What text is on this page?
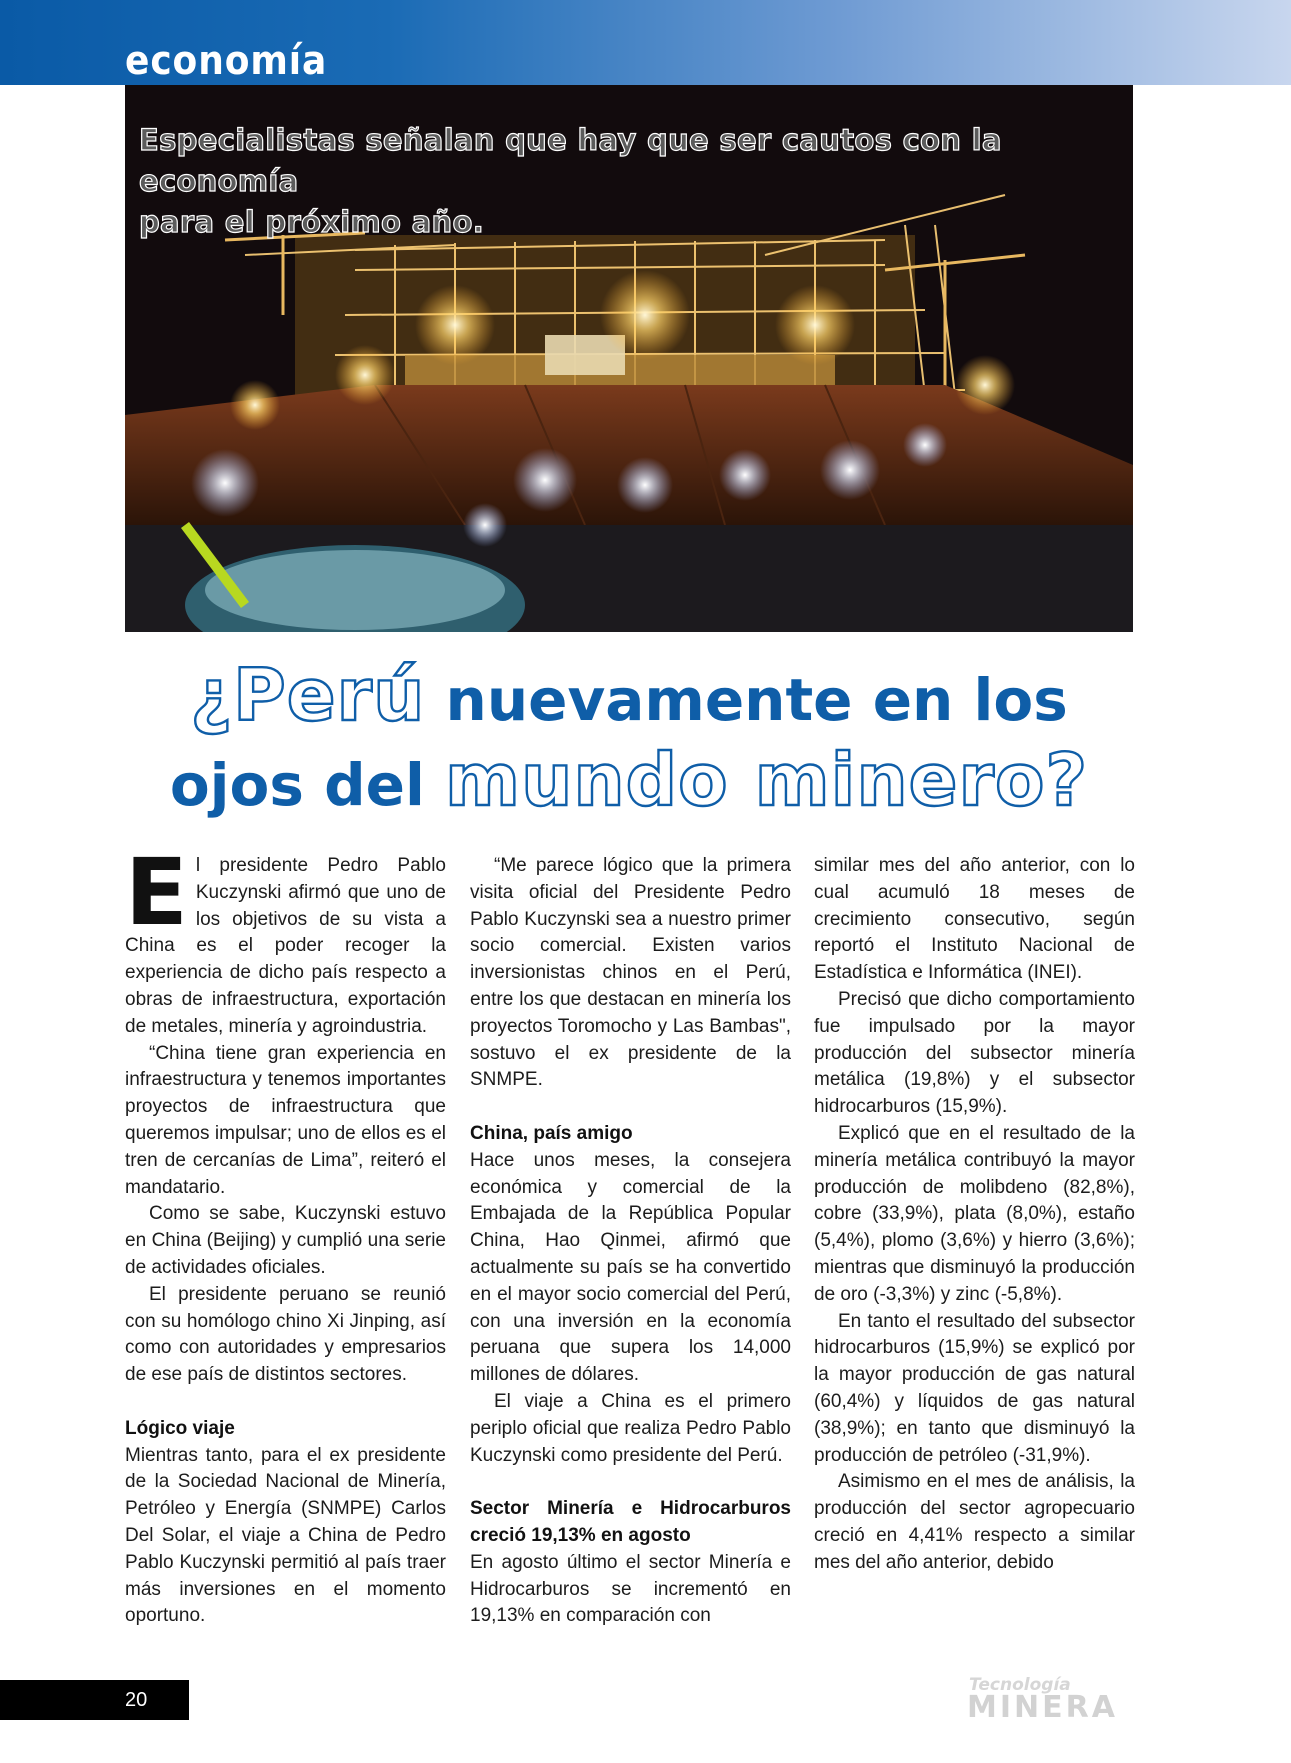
economía
Especialistas señalan que hay que ser cautos con la economía
para el próximo año.
¿Perú nuevamente en los
ojos del mundo minero?
E l presidente Pedro Pablo Kuczynski afirmó que uno de los objetivos de su vista a China es el poder recoger la experiencia de dicho país respecto a obras de infraestructura, exportación de metales, minería y agroindustria.

“China tiene gran experiencia en infraestructura y tenemos importantes proyectos de infraestructura que queremos impulsar; uno de ellos es el tren de cercanías de Lima”, reiteró el mandatario.

Como se sabe, Kuczynski estuvo en China (Beijing) y cumplió una serie de actividades oficiales.

El presidente peruano se reunió con su homólogo chino Xi Jinping, así como con autoridades y empresarios de ese país de distintos sectores.

Lógico viaje

Mientras tanto, para el ex presidente de la Sociedad Nacional de Minería, Petróleo y Energía (SNMPE) Carlos Del Solar, el viaje a China de Pedro Pablo Kuczynski permitió al país traer más inversiones en el momento oportuno.

“Me parece lógico que la primera visita oficial del Presidente Pedro Pablo Kuczynski sea a nuestro primer socio comercial. Existen varios inversionistas chinos en el Perú, entre los que destacan en minería los proyectos Toromocho y Las Bambas", sostuvo el ex presidente de la SNMPE.

China, país amigo

Hace unos meses, la consejera económica y comercial de la Embajada de la República Popular China, Hao Qinmei, afirmó que actualmente su país se ha convertido en el mayor socio comercial del Perú, con una inversión en la economía peruana que supera los 14,000 millones de dólares.

El viaje a China es el primero periplo oficial que realiza Pedro Pablo Kuczynski como presidente del Perú.

Sector Minería e Hidrocarburos creció 19,13% en agosto

En agosto último el sector Minería e Hidrocarburos se incrementó en 19,13% en comparación con

similar mes del año anterior, con lo cual acumuló 18 meses de crecimiento consecutivo, según reportó el Instituto Nacional de Estadística e Informática (INEI).

Precisó que dicho comportamiento fue impulsado por la mayor producción del subsector minería metálica (19,8%) y el subsector hidrocarburos (15,9%).

Explicó que en el resultado de la minería metálica contribuyó la mayor producción de molibdeno (82,8%), cobre (33,9%), plata (8,0%), estaño (5,4%), plomo (3,6%) y hierro (3,6%); mientras que disminuyó la producción de oro (-3,3%) y zinc (-5,8%).

En tanto el resultado del subsector hidrocarburos (15,9%) se explicó por la mayor producción de gas natural (60,4%) y líquidos de gas natural (38,9%); en tanto que disminuyó la producción de petróleo (-31,9%).

Asimismo en el mes de análisis, la producción del sector agropecuario creció en 4,41% respecto a similar mes del año anterior, debido

20
Tecnología
MINERA
